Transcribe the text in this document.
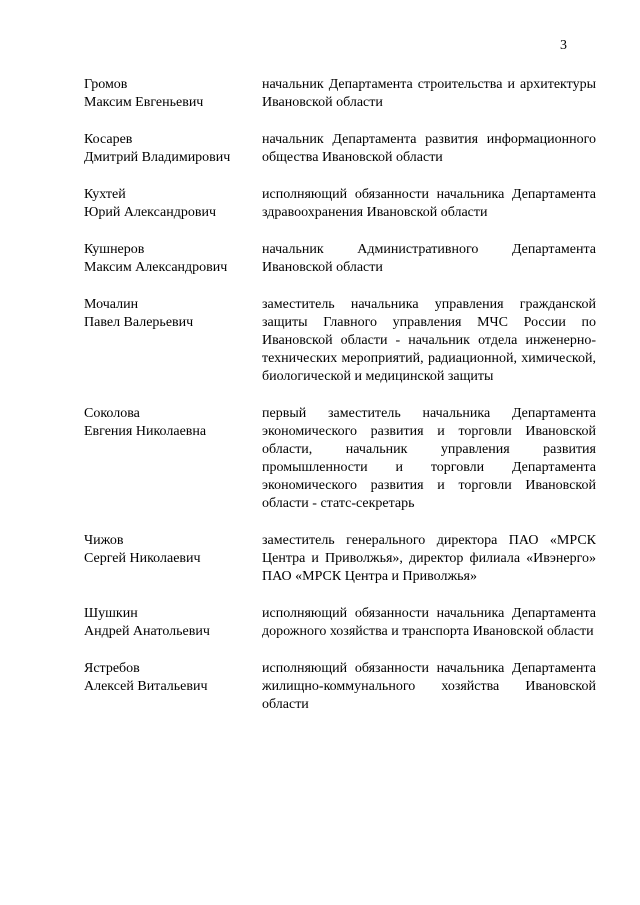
3
Громов
Максим Евгеньевич
начальник Департамента строительства и архитектуры Ивановской области
Косарев
Дмитрий Владимирович
начальник Департамента развития информационного общества Ивановской области
Кухтей
Юрий Александрович
исполняющий обязанности начальника Департамента здравоохранения Ивановской области
Кушнеров
Максим Александрович
начальник Административного Департамента Ивановской области
Мочалин
Павел Валерьевич
заместитель начальника управления гражданской защиты Главного управления МЧС России по Ивановской области - начальник отдела инженерно-технических мероприятий, радиационной, химической, биологической и медицинской защиты
Соколова
Евгения Николаевна
первый заместитель начальника Департамента экономического развития и торговли Ивановской области, начальник управления развития промышленности и торговли Департамента экономического развития и торговли Ивановской области - статс-секретарь
Чижов
Сергей Николаевич
заместитель генерального директора ПАО «МРСК Центра и Приволжья», директор филиала «Ивэнерго» ПАО «МРСК Центра и Приволжья»
Шушкин
Андрей Анатольевич
исполняющий обязанности начальника Департамента дорожного хозяйства и транспорта Ивановской области
Ястребов
Алексей Витальевич
исполняющий обязанности начальника Департамента жилищно-коммунального хозяйства Ивановской области
